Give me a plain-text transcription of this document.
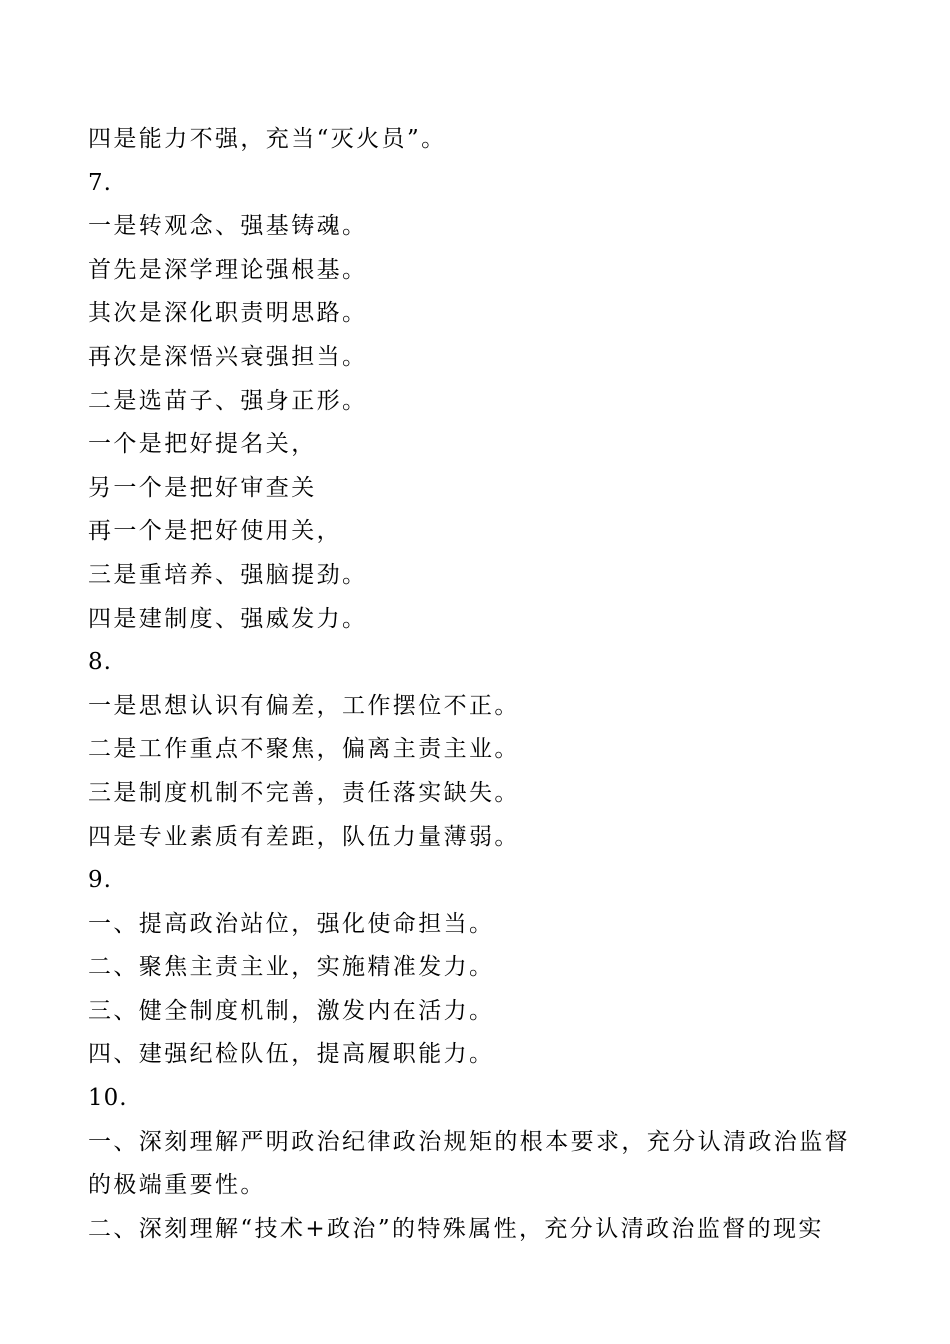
四是能力不强，充当“灭火员”。
7.
一是转观念、强基铸魂。
首先是深学理论强根基。
其次是深化职责明思路。
再次是深悟兴衰强担当。
二是选苗子、强身正形。
一个是把好提名关，
另一个是把好审查关
再一个是把好使用关，
三是重培养、强脑提劲。
四是建制度、强威发力。
8.
一是思想认识有偏差，工作摆位不正。
二是工作重点不聚焦，偏离主责主业。
三是制度机制不完善，责任落实缺失。
四是专业素质有差距，队伍力量薄弱。
9.
一、提高政治站位，强化使命担当。
二、聚焦主责主业，实施精准发力。
三、健全制度机制，激发内在活力。
四、建强纪检队伍，提高履职能力。
10.
一、深刻理解严明政治纪律政治规矩的根本要求，充分认清政治监督
的极端重要性。
二、深刻理解“技术+政治”的特殊属性，充分认清政治监督的现实
